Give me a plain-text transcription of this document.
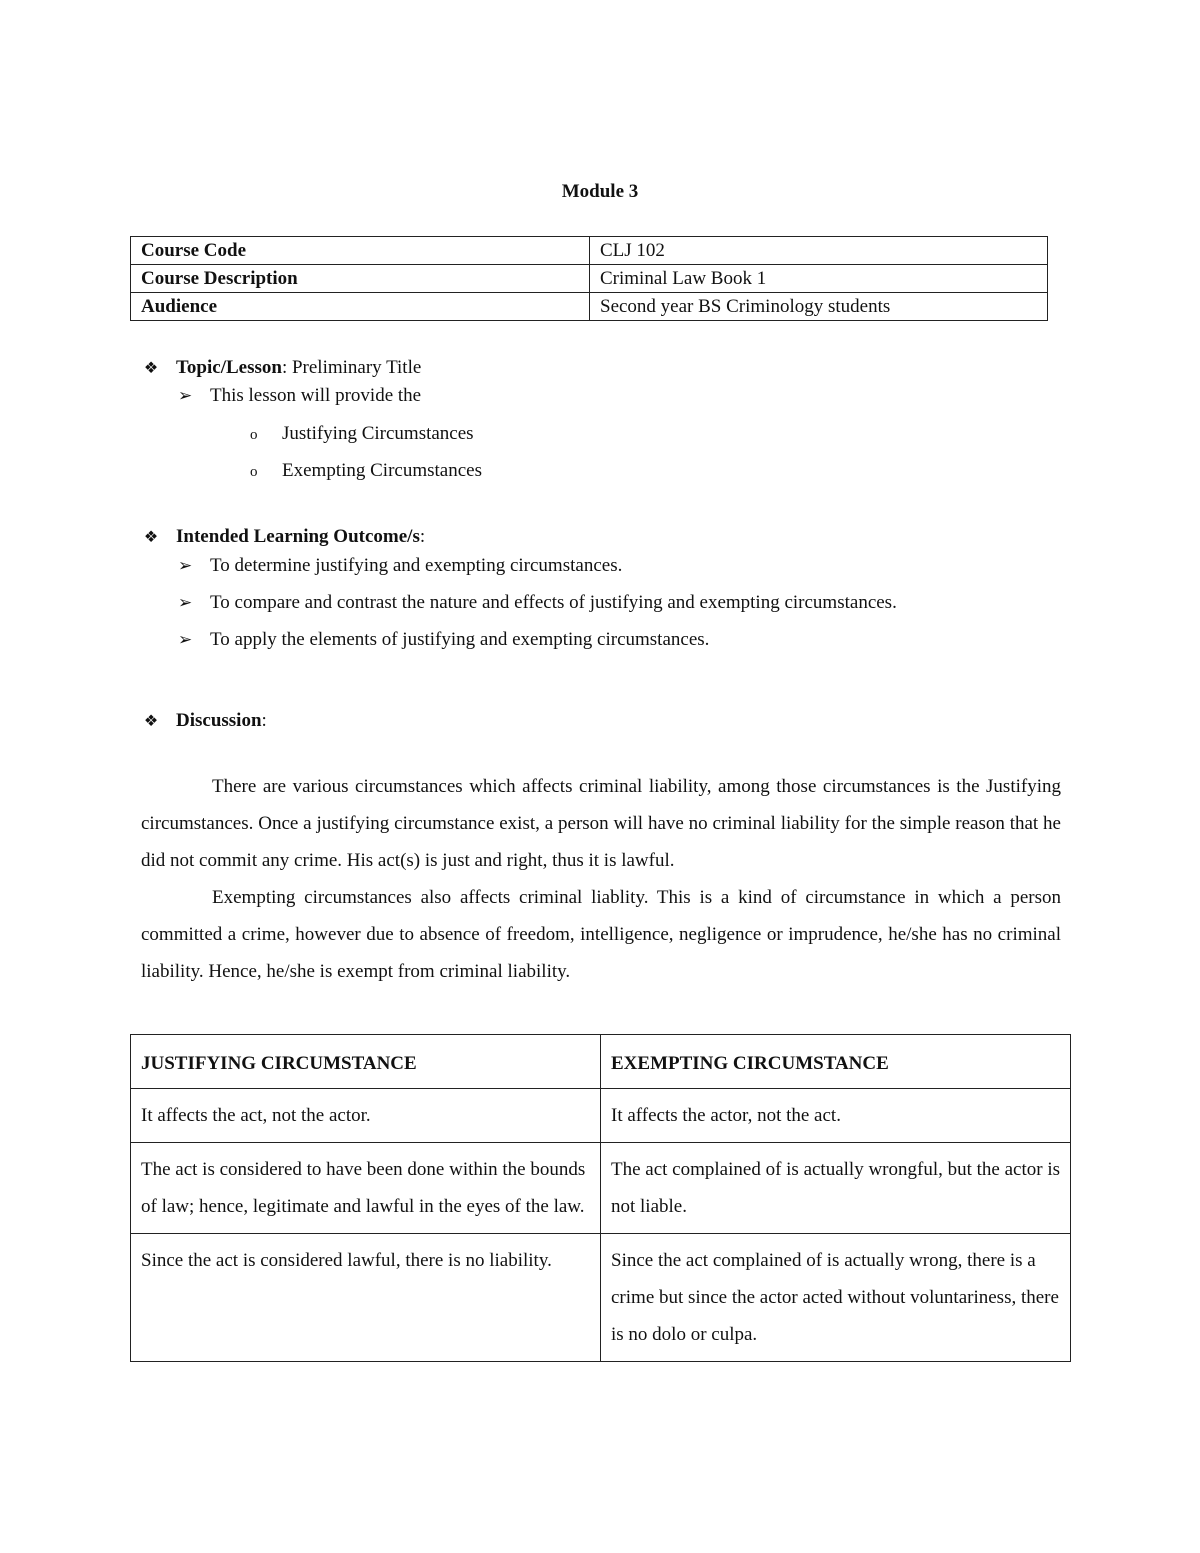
Module 3
Course Code	CLJ 102
Course Description	Criminal Law Book 1
Audience	Second year BS Criminology students
❖ Topic/Lesson: Preliminary Title
➢ This lesson will provide the
o Justifying Circumstances
o Exempting Circumstances
❖ Intended Learning Outcome/s:
➢ To determine justifying and exempting circumstances.
➢ To compare and contrast the nature and effects of justifying and exempting circumstances.
➢ To apply the elements of justifying and exempting circumstances.
❖ Discussion:

There are various circumstances which affects criminal liability, among those circumstances is the Justifying circumstances. Once a justifying circumstance exist, a person will have no criminal liability for the simple reason that he did not commit any crime. His act(s) is just and right, thus it is lawful.

Exempting circumstances also affects criminal liablity. This is a kind of circumstance in which a person committed a crime, however due to absence of freedom, intelligence, negligence or imprudence, he/she has no criminal liability. Hence, he/she is exempt from criminal liability.

JUSTIFYING CIRCUMSTANCE	EXEMPTING CIRCUMSTANCE
It affects the act, not the actor.	It affects the actor, not the act.
The act is considered to have been done within the bounds of law; hence, legitimate and lawful in the eyes of the law.	The act complained of is actually wrongful, but the actor is not liable.
Since the act is considered lawful, there is no liability.	Since the act complained of is actually wrong, there is a crime but since the actor acted without voluntariness, there is no dolo or culpa.
